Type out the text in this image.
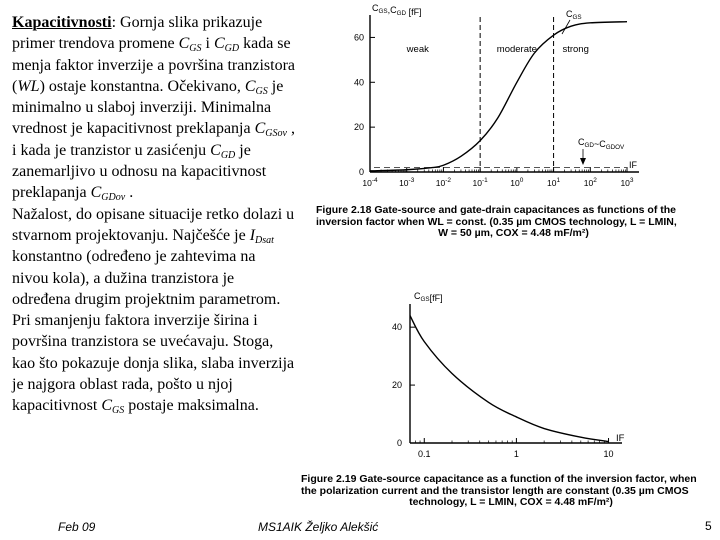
Kapacitivnosti: Gornja slika prikazuje primer trendova promene $C_{GS}$ i $C_{GD}$ kada se menja faktor inverzije a površina tranzistora (WL) ostaje konstantna. Očekivano, $C_{GS}$ je minimalno u slaboj inverziji. Minimalna vrednost je kapacitivnost preklapanja $C_{GSov}$ , i kada je tranzistor u zasićenju $C_{GD}$ je zanemarljivo u odnosu na kapacitivnost preklapanja $C_{GDov}$ .
Nažalost, do opisane situacije retko dolazi u stvarnom projektovanju. Najčešće je $I_{Dsat}$ konstantno (određeno je zahtevima na nivou kola), a dužina tranzistora je određena drugim projektnim parametrom. Pri smanjenju faktora inverzije širina i površina tranzistora se uvećavaju. Stoga, kao što pokazuje donja slika, slaba inverzija je najgora oblast rada, pošto u njoj kapacitivnost $C_{GS}$ postaje maksimalna.
$C_{GS},C_{GD}$ [fF]
IF
0
20
40
60
$10^{-4}$	$10^{-3}$	$10^{-2}$	$10^{-1}$	$10^0$	$10^1$	$10^2$	$10^3$
weak	moderate	strong
$C_{GS}$
$C_{GD}\sim C_{GDOV}$
Figure 2.18 Gate-source and gate-drain capacitances as functions of the
inversion factor when WL = const. (0.35 µm CMOS technology, L = LMIN,
W = 50 µm, COX = 4.48 mF/m²)
$C_{GS}[fF]$
IF
0
20
40
0.1	1	10
Figure 2.19 Gate-source capacitance as a function of the inversion factor, when
the polarization current and the transistor length are constant (0.35 µm CMOS
technology, L = LMIN, COX = 4.48 mF/m²)
Feb 09	MS1AIK Željko Alekšić	5
